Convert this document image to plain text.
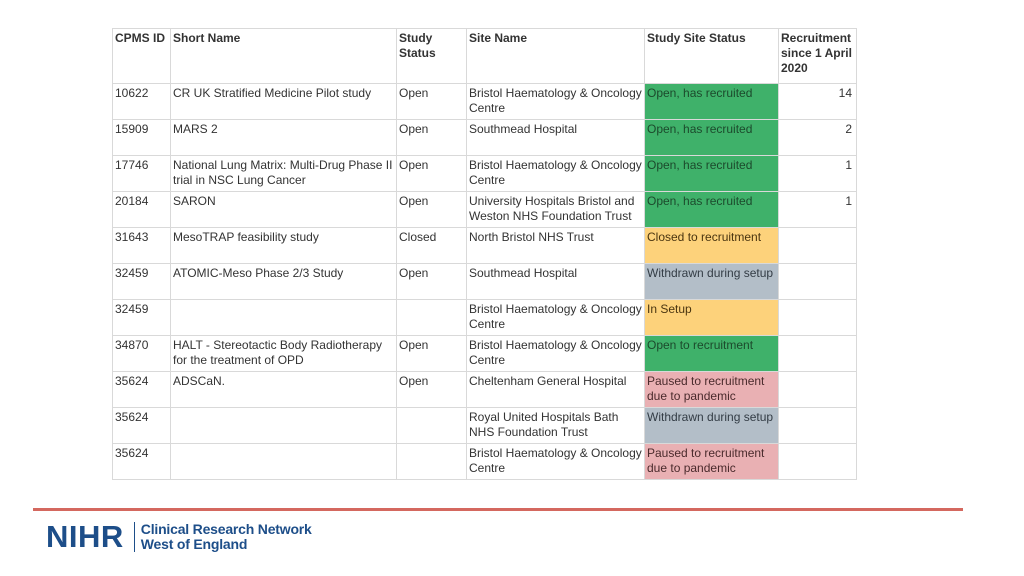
CPMS ID	Short Name	Study Status	Site Name	Study Site Status	Recruitment since 1 April 2020

10622	CR UK Stratified Medicine Pilot study	Open	Bristol Haematology & Oncology Centre	Open, has recruited	14

15909	MARS 2	Open	Southmead Hospital	Open, has recruited	2

17746	National Lung Matrix: Multi-Drug Phase II trial in NSC Lung Cancer	Open	Bristol Haematology & Oncology Centre	Open, has recruited	1

20184	SARON	Open	University Hospitals Bristol and Weston NHS Foundation Trust	Open, has recruited	1

31643	MesoTRAP feasibility study	Closed	North Bristol NHS Trust	Closed to recruitment	

32459	ATOMIC-Meso Phase 2/3 Study	Open	Southmead Hospital	Withdrawn during setup	

32459			Bristol Haematology & Oncology Centre	In Setup	

34870	HALT - Stereotactic Body Radiotherapy for the treatment of OPD	Open	Bristol Haematology & Oncology Centre	Open to recruitment	

35624	ADSCaN.	Open	Cheltenham General Hospital	Paused to recruitment due to pandemic	

35624			Royal United Hospitals Bath NHS Foundation Trust	Withdrawn during setup	

35624			Bristol Haematology & Oncology Centre	Paused to recruitment due to pandemic	

NIHR Clinical Research Network
West of England
